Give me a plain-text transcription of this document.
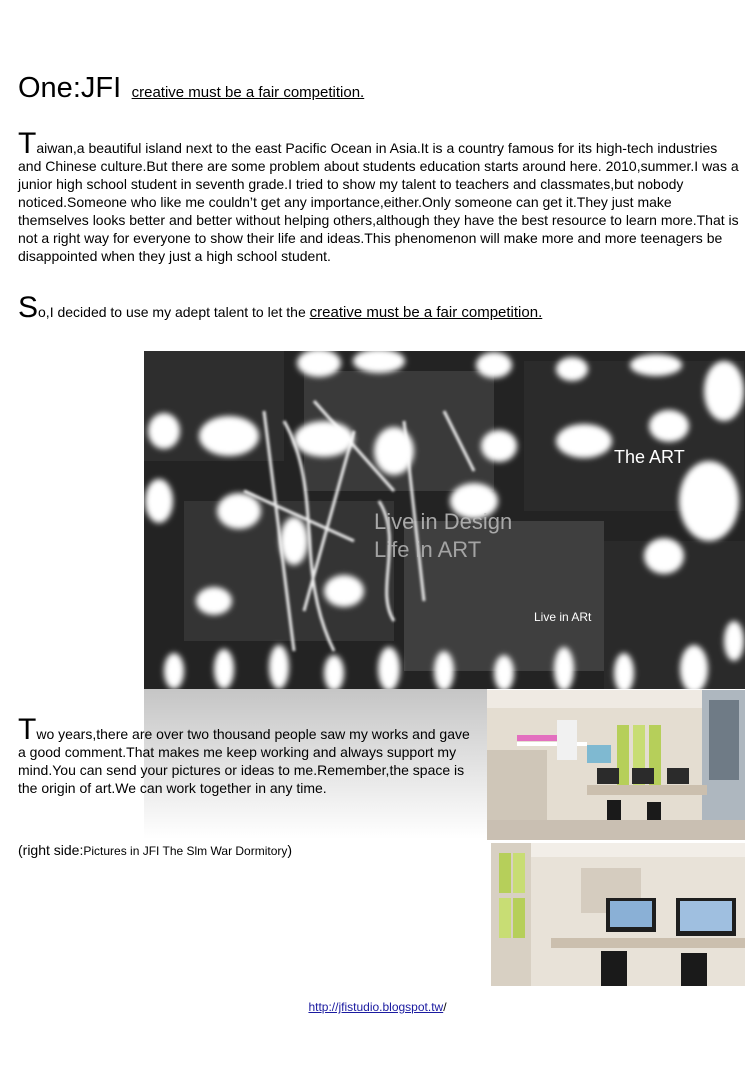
One:JFI creative must be a fair competition.
Taiwan,a beautiful island next to the east Pacific Ocean in Asia.It is a country famous for its high-tech industries and Chinese culture.But there are some problem about students education starts around here. 2010,summer.I was a junior high school student in seventh grade.I tried to show my talent to teachers and classmates,but nobody noticed.Someone who like me couldn’t get any importance,either.Only someone can get it.They just make themselves looks better and better without helping others,although they have the best resource to learn more.That is not a right way for everyone to show their life and ideas.This phenomenon will make more and more teenagers be disappointed when they just a high school student.
So,I decided to use my adept talent to let the creative must be a fair competition.
Live in Design
Life in ART
The ART
Live in ARt
Two years,there are over two thousand people saw my works and gave a good comment.That makes me keep working and always support my mind.You can send your pictures or ideas to me.Remember,the space is the origin of art.We can work together in any time.
(right side:Pictures in JFI The Slm War Dormitory)
http://jfistudio.blogspot.tw/
